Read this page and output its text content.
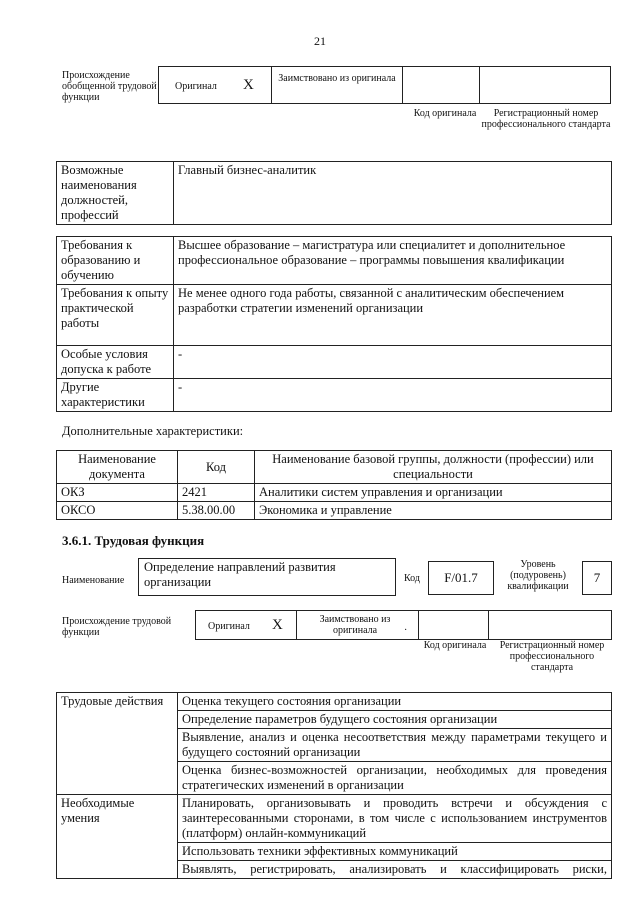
21
Происхождение обобщенной трудовой функции
Оригинал X Заимствовано из оригинала
Код оригинала	Регистрационный номер профессионального стандарта
Возможные наименования должностей, профессий	Главный бизнес-аналитик
Требования к образованию и обучению	Высшее образование – магистратура или специалитет и дополнительное профессиональное образование – программы повышения квалификации
Требования к опыту практической работы	Не менее одного года работы, связанной с аналитическим обеспечением разработки стратегии изменений организации
Особые условия допуска к работе	-
Другие характеристики	-
Дополнительные характеристики:
Наименование документа	Код	Наименование базовой группы, должности (профессии) или специальности
ОКЗ	2421	Аналитики систем управления и организации
ОКСО	5.38.00.00	Экономика и управление
3.6.1. Трудовая функция
Наименование
Определение направлений развития организации	Код	F/01.7
Уровень (подуровень) квалификации
7
Происхождение трудовой функции
Оригинал X	Заимствовано из оригинала	·
Код оригинала	Регистрационный номер профессионального стандарта
Трудовые действия	Оценка текущего состояния организации
	Определение параметров будущего состояния организации
	Выявление, анализ и оценка несоответствия между параметрами текущего и будущего состояний организации
	Оценка бизнес-возможностей организации, необходимых для проведения стратегических изменений в организации
Необходимые умения	Планировать, организовывать и проводить встречи и обсуждения с заинтересованными сторонами, в том числе с использованием инструментов (платформ) онлайн-коммуникаций
	Использовать техники эффективных коммуникаций
	Выявлять, регистрировать, анализировать и классифицировать риски,
